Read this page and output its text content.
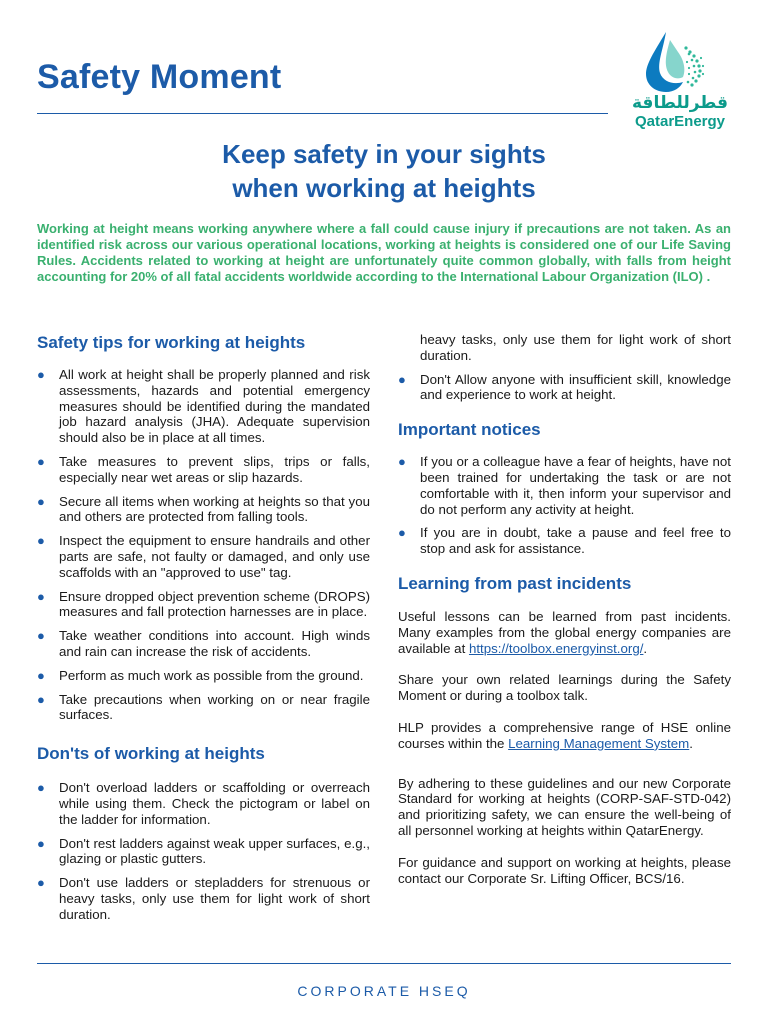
Safety Moment
قطرللطاقة
QatarEnergy
Keep safety in your sights
when working at heights
Working at height means working anywhere where a fall could cause injury if precautions are not taken. As an identified risk across our various operational locations, working at heights is considered one of our Life Saving Rules. Accidents related to working at height are unfortunately quite common globally, with falls from height accounting for 20% of all fatal accidents worldwide according to the International Labour Organization (ILO) .
Safety tips for working at heights
● All work at height shall be properly planned and risk assessments, hazards and potential emergency measures should be identified during the mandated job hazard analysis (JHA). Adequate supervision should also be in place at all times.
● Take measures to prevent slips, trips or falls, especially near wet areas or slip hazards.
● Secure all items when working at heights so that you and others are protected from falling tools.
● Inspect the equipment to ensure handrails and other parts are safe, not faulty or damaged, and only use scaffolds with an "approved to use" tag.
● Ensure dropped object prevention scheme (DROPS) measures and fall protection harnesses are in place.
● Take weather conditions into account. High winds and rain can increase the risk of accidents.
● Perform as much work as possible from the ground.
● Take precautions when working on or near fragile surfaces.
Don'ts of working at heights
● Don't overload ladders or scaffolding or overreach while using them. Check the pictogram or label on the ladder for information.
● Don't rest ladders against weak upper surfaces, e.g., glazing or plastic gutters.
● Don't use ladders or stepladders for strenuous or heavy tasks, only use them for light work of short duration.
heavy tasks, only use them for light work of short duration.
● Don't Allow anyone with insufficient skill, knowledge and experience to work at height.
Important notices
● If you or a colleague have a fear of heights, have not been trained for undertaking the task or are not comfortable with it, then inform your supervisor and do not perform any activity at height.
● If you are in doubt, take a pause and feel free to stop and ask for assistance.
Learning from past incidents

Useful lessons can be learned from past incidents. Many examples from the global energy companies are available at https://toolbox.energyinst.org/.

Share your own related learnings during the Safety Moment or during a toolbox talk.

HLP provides a comprehensive range of HSE online courses within the Learning Management System.

By adhering to these guidelines and our new Corporate Standard for working at heights (CORP-SAF-STD-042) and prioritizing safety, we can ensure the well-being of all personnel working at heights within QatarEnergy.

For guidance and support on working at heights, please contact our Corporate Sr. Lifting Officer, BCS/16.

CORPORATE HSEQ
